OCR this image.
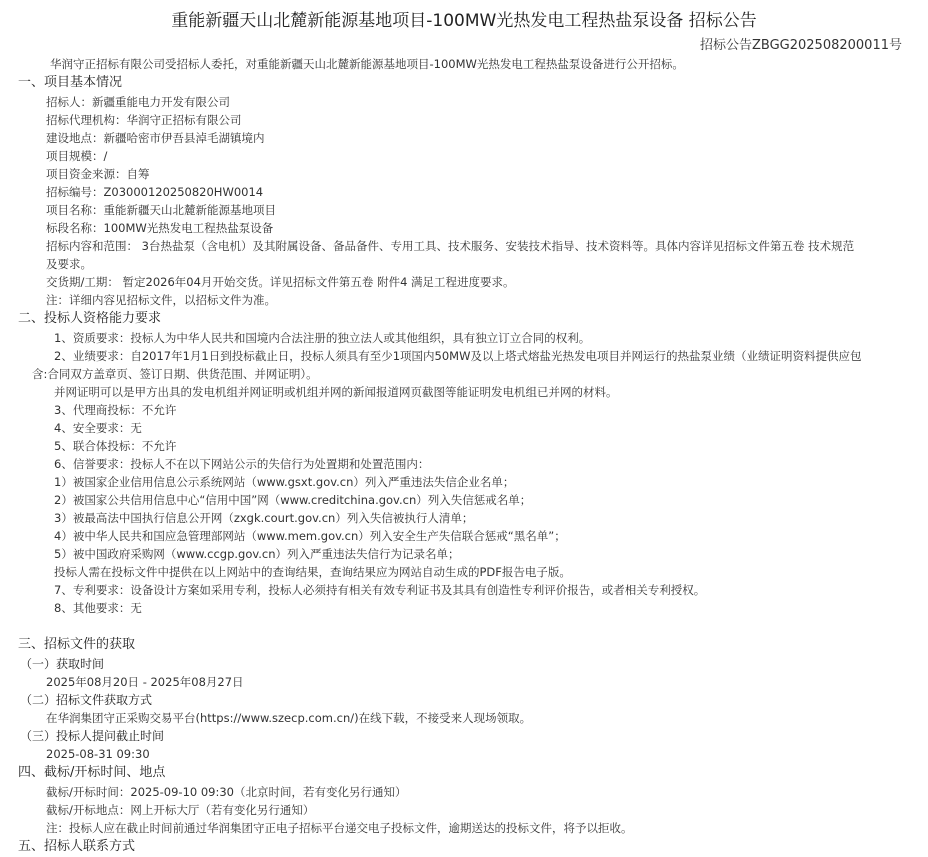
重能新疆天山北麓新能源基地项目-100MW光热发电工程热盐泵设备 招标公告
招标公告ZBGG202508200011号
华润守正招标有限公司受招标人委托，对重能新疆天山北麓新能源基地项目-100MW光热发电工程热盐泵设备进行公开招标。
一、项目基本情况
招标人：新疆重能电力开发有限公司
招标代理机构：华润守正招标有限公司
建设地点：新疆哈密市伊吾县淖毛湖镇境内
项目规模：/
项目资金来源：自筹
招标编号：Z03000120250820HW0014
项目名称：重能新疆天山北麓新能源基地项目
标段名称：100MW光热发电工程热盐泵设备
招标内容和范围： 3台热盐泵（含电机）及其附属设备、备品备件、专用工具、技术服务、安装技术指导、技术资料等。具体内容详见招标文件第五卷 技术规范
及要求。
交货期/工期： 暂定2026年04月开始交货。详见招标文件第五卷 附件4 满足工程进度要求。
注：详细内容见招标文件，以招标文件为准。
二、投标人资格能力要求
1、资质要求：投标人为中华人民共和国境内合法注册的独立法人或其他组织，具有独立订立合同的权利。
2、业绩要求：自2017年1月1日到投标截止日，投标人须具有至少1项国内50MW及以上塔式熔盐光热发电项目并网运行的热盐泵业绩（业绩证明资料提供应包
含:合同双方盖章页、签订日期、供货范围、并网证明）。
并网证明可以是甲方出具的发电机组并网证明或机组并网的新闻报道网页截图等能证明发电机组已并网的材料。
3、代理商投标：不允许
4、安全要求：无
5、联合体投标：不允许
6、信誉要求：投标人不在以下网站公示的失信行为处置期和处置范围内：
1）被国家企业信用信息公示系统网站（www.gsxt.gov.cn）列入严重违法失信企业名单；
2）被国家公共信用信息中心“信用中国”网（www.creditchina.gov.cn）列入失信惩戒名单；
3）被最高法中国执行信息公开网（zxgk.court.gov.cn）列入失信被执行人清单；
4）被中华人民共和国应急管理部网站（www.mem.gov.cn）列入安全生产失信联合惩戒“黑名单”；
5）被中国政府采购网（www.ccgp.gov.cn）列入严重违法失信行为记录名单；
投标人需在投标文件中提供在以上网站中的查询结果，查询结果应为网站自动生成的PDF报告电子版。
7、专利要求：设备设计方案如采用专利，投标人必须持有相关有效专利证书及其具有创造性专利评价报告，或者相关专利授权。
8、其他要求：无
三、招标文件的获取
（一）获取时间
2025年08月20日 - 2025年08月27日
（二）招标文件获取方式
在华润集团守正采购交易平台(https://www.szecp.com.cn/)在线下载，不接受来人现场领取。
（三）投标人提问截止时间
2025-08-31 09:30
四、截标/开标时间、地点
截标/开标时间：2025-09-10 09:30（北京时间，若有变化另行通知）
截标/开标地点：网上开标大厅（若有变化另行通知）
注：投标人应在截止时间前通过华润集团守正电子招标平台递交电子投标文件，逾期送达的投标文件，将予以拒收。
五、招标人联系方式
